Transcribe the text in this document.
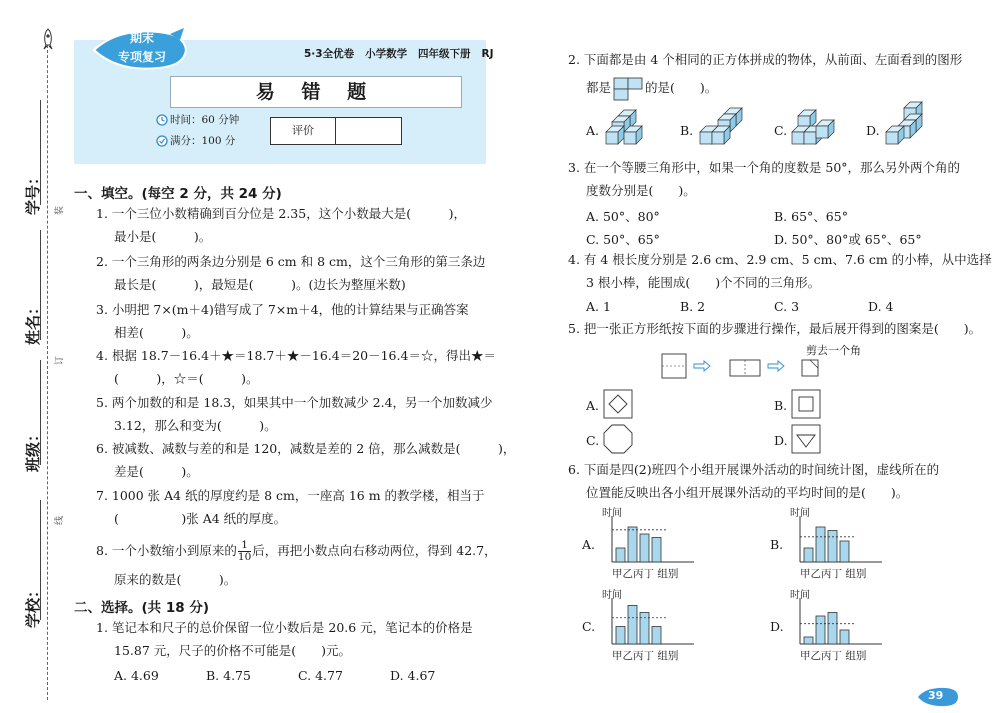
学号：	装
姓名：
订
班级：
线
学校：
期末
专项复习	5·3全优卷 小学数学 四年级下册 RJ
易 错 题
时间：60 分钟
满分：100 分
评价
一、填空。(每空 2 分，共 24 分)
1. 一个三位小数精确到百分位是 2.35，这个小数最大是(　　　)，
最小是(　　　)。
2. 一个三角形的两条边分别是 6 cm 和 8 cm，这个三角形的第三条边
最长是(　　　)，最短是(　　　)。(边长为整厘米数)
3. 小明把 7×(m＋4)错写成了 7×m＋4，他的计算结果与正确答案
相差(　　　)。
4. 根据 18.7－16.4＋★＝18.7＋★－16.4＝20－16.4＝☆，得出★＝
(　　　)，☆＝(　　　)。
5. 两个加数的和是 18.3，如果其中一个加数减少 2.4，另一个加数减少
3.12，那么和变为(　　　)。
6. 被减数、减数与差的和是 120，减数是差的 2 倍，那么减数是(　　　)，
差是(　　　)。
7. 1000 张 A4 纸的厚度约是 8 cm，一座高 16 m 的教学楼，相当于
(　　　　　)张 A4 纸的厚度。
8. 一个小数缩小到原来的 $\frac{1}{10}$ 后，再把小数点向右移动两位，得到 42.7，
原来的数是(　　　)。
二、选择。(共 18 分)
1. 笔记本和尺子的总价保留一位小数后是 20.6 元，笔记本的价格是
15.87 元，尺子的价格不可能是(　　)元。
A. 4.69	B. 4.75	C. 4.77	D. 4.67
2. 下面都是由 4 个相同的正方体拼成的物体，从前面、左面看到的图形
都是	的是(　　)。
A.	B.	C.	D.
3. 在一个等腰三角形中，如果一个角的度数是 50°，那么另外两个角的
度数分别是(　　)。
A. 50°、80°	B. 65°、65°
C. 50°、65°	D. 50°、80°或 65°、65°
4. 有 4 根长度分别是 2.6 cm、2.9 cm、5 cm、7.6 cm 的小棒，从中选择
3 根小棒，能围成(　　)个不同的三角形。
A. 1	B. 2	C. 3	D. 4
5. 把一张正方形纸按下面的步骤进行操作，最后展开得到的图案是(　　)。
剪去一个角
A.	B.
C.	D.
6. 下面是四(2)班四个小组开展课外活动的时间统计图，虚线所在的
位置能反映出各小组开展课外活动的平均时间的是(　　)。
A.	B.
C.	D.
时间
甲乙丙丁 组别
时间
甲乙丙丁 组别
时间
甲乙丙丁 组别
时间
甲乙丙丁 组别
39
